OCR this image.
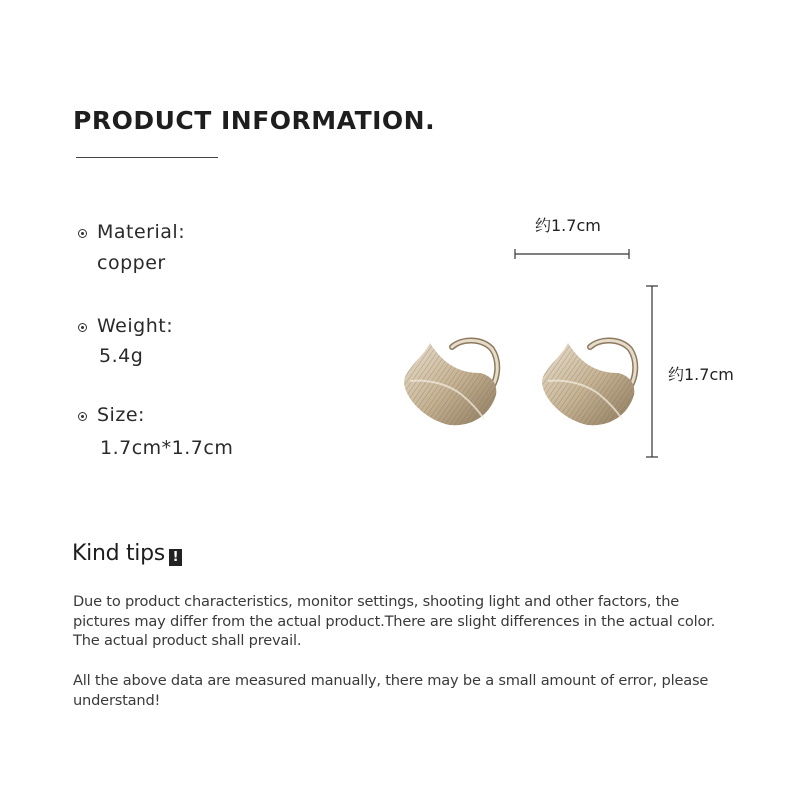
PRODUCT INFORMATION.
Material:
copper
Weight:
5.4g
Size:
1.7cm*1.7cm
约1.7cm
约1.7cm
Kind tips !
Due to product characteristics, monitor settings, shooting light and other factors, the pictures may differ from the actual product.There are slight differences in the actual color. The actual product shall prevail.
All the above data are measured manually, there may be a small amount of error, please understand!
